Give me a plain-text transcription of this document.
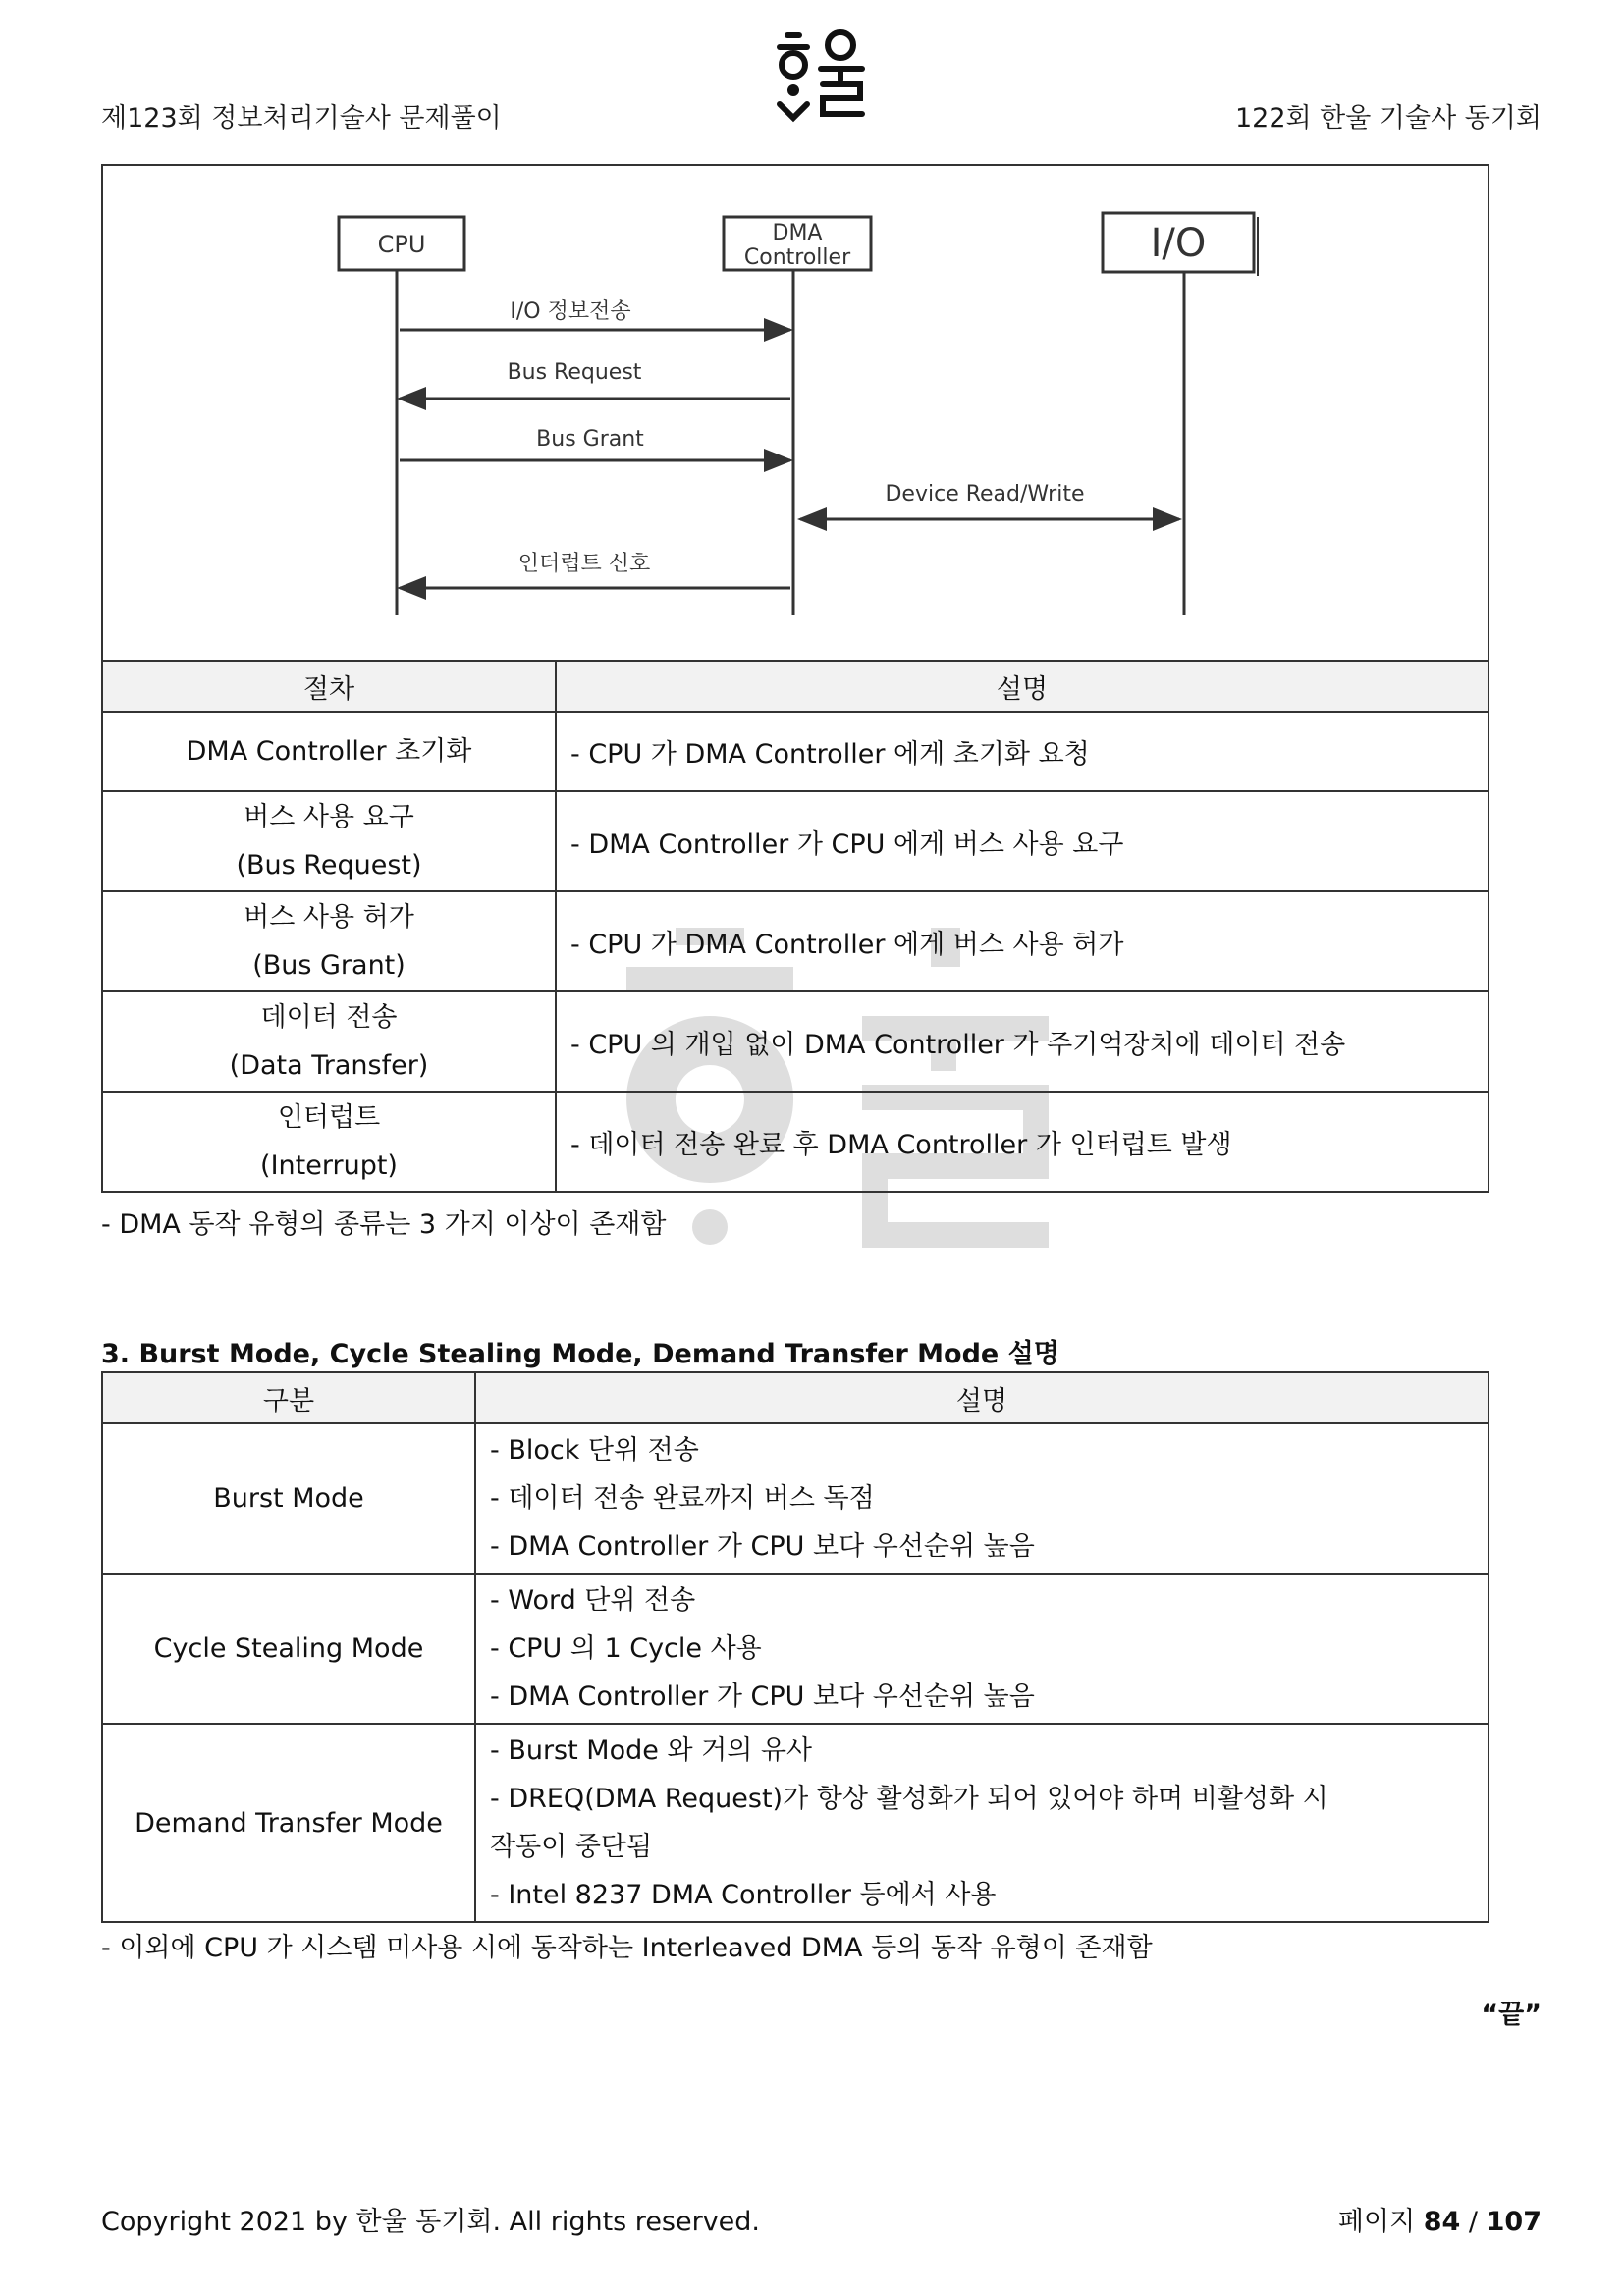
제123회 정보처리기술사 문제풀이	122회 한울 기술사 동기회
CPU	DMA
Controller	I/O
I/O 정보전송
Bus Request
Bus Grant
Device Read/Write
인터럽트 신호
절차	설명
DMA Controller 초기화	- CPU 가 DMA Controller 에게 초기화 요청

버스 사용 요구
(Bus Request)	- DMA Controller 가 CPU 에게 버스 사용 요구

버스 사용 허가
(Bus Grant)	- CPU 가 DMA Controller 에게 버스 사용 허가

데이터 전송
(Data Transfer)	- CPU 의 개입 없이 DMA Controller 가 주기억장치에 데이터 전송

인터럽트
(Interrupt)	- 데이터 전송 완료 후 DMA Controller 가 인터럽트 발생
- DMA 동작 유형의 종류는 3 가지 이상이 존재함
3. Burst Mode, Cycle Stealing Mode, Demand Transfer Mode 설명
구분	설명
Burst Mode	- Block 단위 전송
- 데이터 전송 완료까지 버스 독점
- DMA Controller 가 CPU 보다 우선순위 높음

Cycle Stealing Mode	- Word 단위 전송
- CPU 의 1 Cycle 사용
- DMA Controller 가 CPU 보다 우선순위 높음

Demand Transfer Mode	- Burst Mode 와 거의 유사
- DREQ(DMA Request)가 항상 활성화가 되어 있어야 하며 비활성화 시
작동이 중단됨
- Intel 8237 DMA Controller 등에서 사용
- 이외에 CPU 가 시스템 미사용 시에 동작하는 Interleaved DMA 등의 동작 유형이 존재함
“끝”
Copyright 2021 by 한울 동기회. All rights reserved.	페이지 84 / 107
